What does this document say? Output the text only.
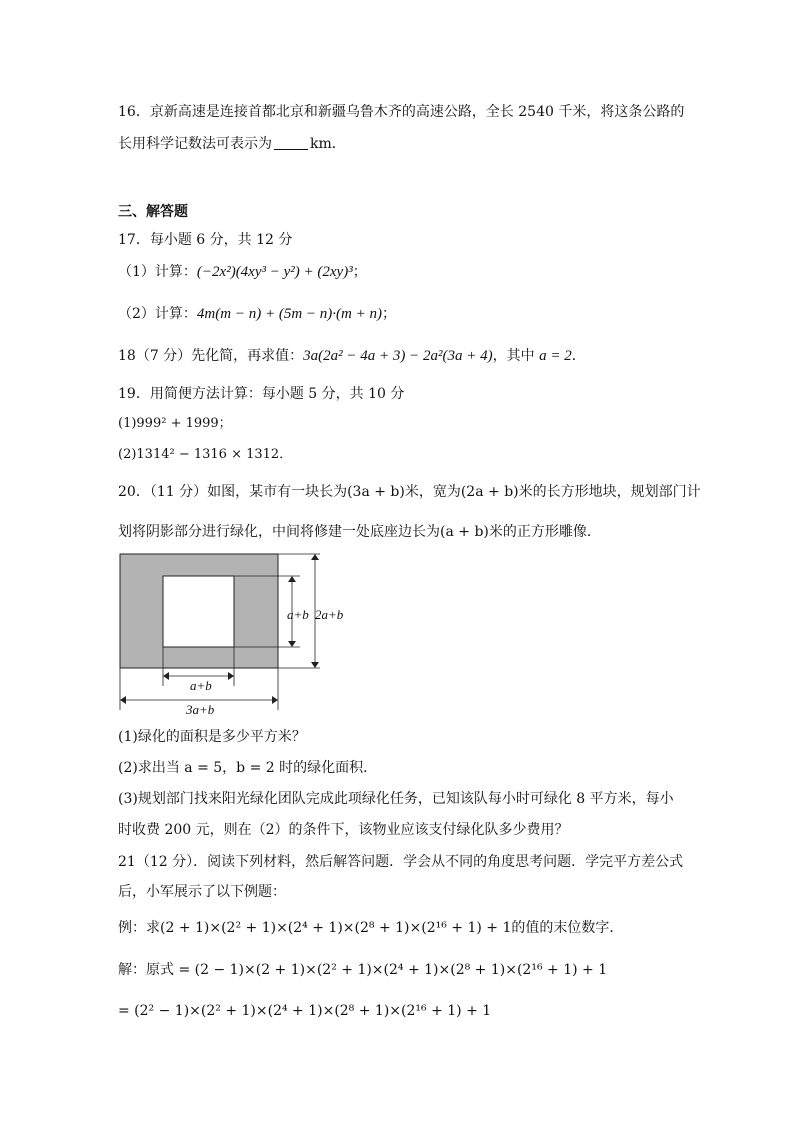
16．京新高速是连接首都北京和新疆乌鲁木齐的高速公路，全长 2540 千米，将这条公路的
长用科学记数法可表示为	km．
三、解答题
17．每小题 6 分，共 12 分
（1）计算：(−2x²)(4xy³ − y²) + (2xy)³；
（2）计算：4m(m − n) + (5m − n)·(m + n)；
18（7 分）先化简，再求值：3a(2a² − 4a + 3) − 2a²(3a + 4)，其中 a = 2．
19．用简便方法计算：每小题 5 分，共 10 分
(1)999² + 1999；
(2)1314² − 1316 × 1312．
20．（11 分）如图，某市有一块长为(3a + b)米，宽为(2a + b)米的长方形地块，规划部门计
划将阴影部分进行绿化，中间将修建一处底座边长为(a + b)米的正方形雕像．
a+b 2a+b
a+b
3a+b
(1)绿化的面积是多少平方米？
(2)求出当 a = 5，b = 2 时的绿化面积．
(3)规划部门找来阳光绿化团队完成此项绿化任务，已知该队每小时可绿化 8 平方米，每小
时收费 200 元，则在（2）的条件下，该物业应该支付绿化队多少费用？
21（12 分）．阅读下列材料，然后解答问题．学会从不同的角度思考问题．学完平方差公式
后，小军展示了以下例题：
例：求(2 + 1)×(2² + 1)×(2⁴ + 1)×(2⁸ + 1)×(2¹⁶ + 1) + 1的值的末位数字．
解：原式 = (2 − 1)×(2 + 1)×(2² + 1)×(2⁴ + 1)×(2⁸ + 1)×(2¹⁶ + 1) + 1
= (2² − 1)×(2² + 1)×(2⁴ + 1)×(2⁸ + 1)×(2¹⁶ + 1) + 1
